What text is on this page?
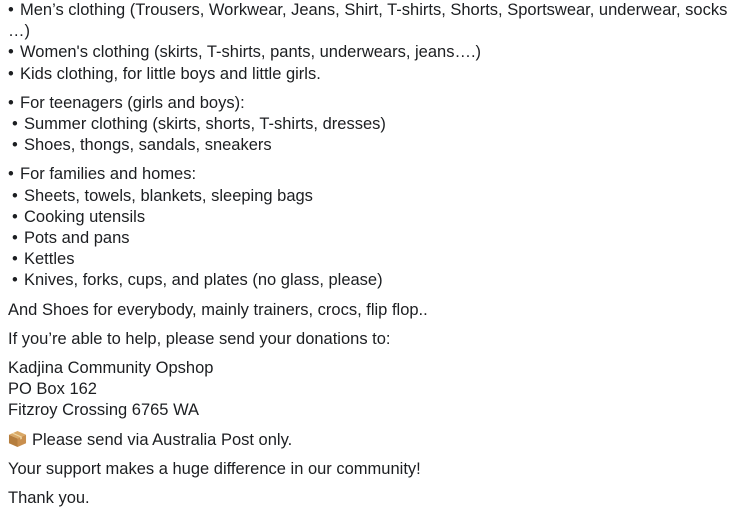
• Men’s clothing (Trousers, Workwear, Jeans, Shirt, T-shirts, Shorts, Sportswear, underwear, socks …)
• Women's clothing (skirts, T-shirts, pants, underwears, jeans….)
• Kids clothing, for little boys and little girls.
• For teenagers (girls and boys):
• Summer clothing (skirts, shorts, T-shirts, dresses)
• Shoes, thongs, sandals, sneakers
• For families and homes:
• Sheets, towels, blankets, sleeping bags
• Cooking utensils
• Pots and pans
• Kettles
• Knives, forks, cups, and plates (no glass, please)
And Shoes for everybody, mainly trainers, crocs, flip flop..
If you’re able to help, please send your donations to:
Kadjina Community Opshop
PO Box 162
Fitzroy Crossing 6765 WA
Please send via Australia Post only.
Your support makes a huge difference in our community!
Thank you.
